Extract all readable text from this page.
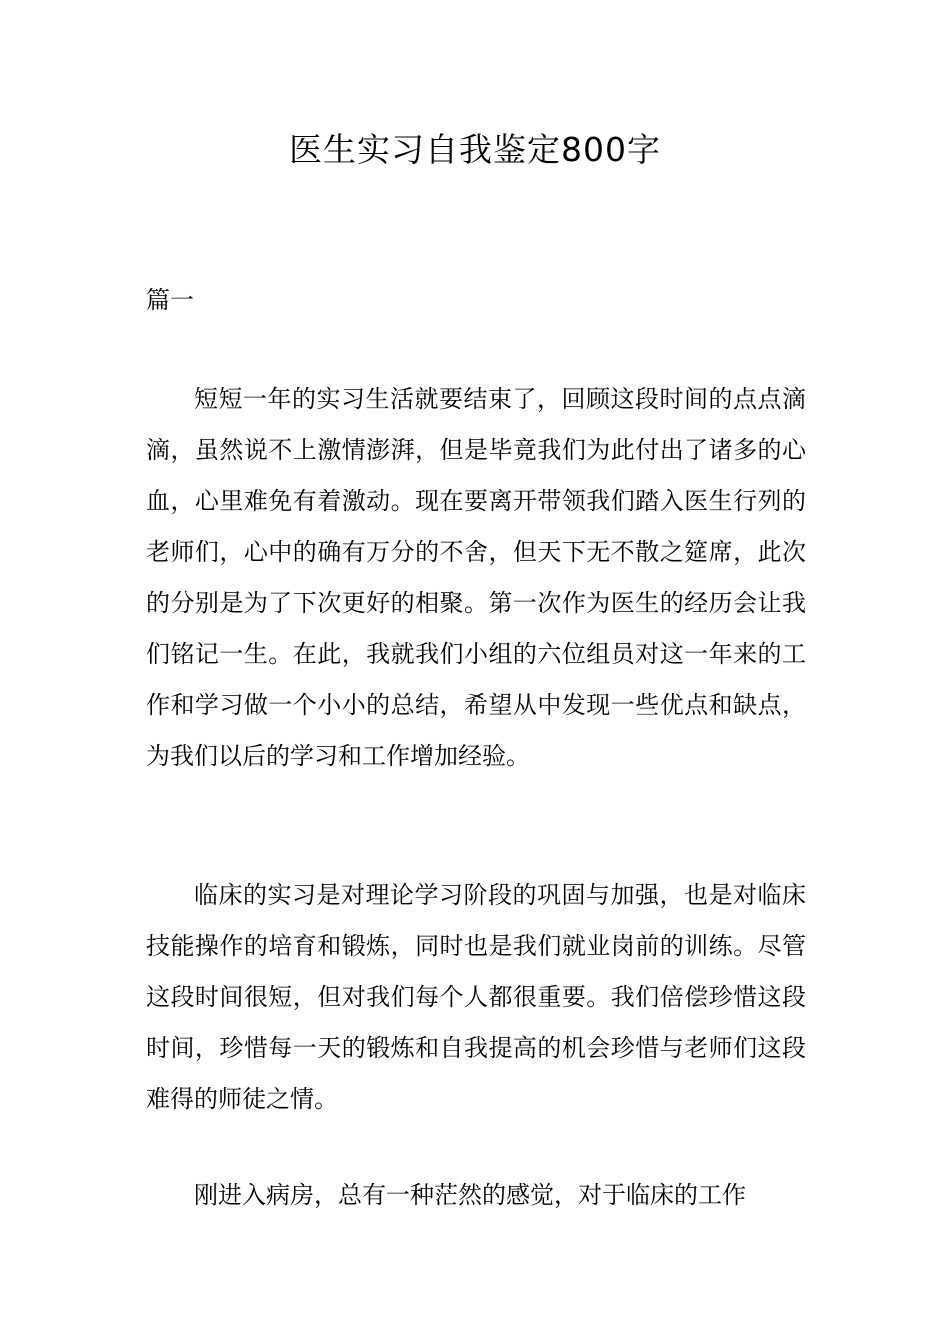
医生实习自我鉴定800字
篇一

短短一年的实习生活就要结束了，回顾这段时间的点点滴滴，虽然说不上激情澎湃，但是毕竟我们为此付出了诸多的心血，心里难免有着激动。现在要离开带领我们踏入医生行列的老师们，心中的确有万分的不舍，但天下无不散之筵席，此次的分别是为了下次更好的相聚。第一次作为医生的经历会让我们铭记一生。在此，我就我们小组的六位组员对这一年来的工作和学习做一个小小的总结，希望从中发现一些优点和缺点，为我们以后的学习和工作增加经验。

临床的实习是对理论学习阶段的巩固与加强，也是对临床技能操作的培育和锻炼，同时也是我们就业岗前的训练。尽管这段时间很短，但对我们每个人都很重要。我们倍偿珍惜这段时间，珍惜每一天的锻炼和自我提高的机会珍惜与老师们这段难得的师徒之情。

刚进入病房，总有一种茫然的感觉，对于临床的工作
